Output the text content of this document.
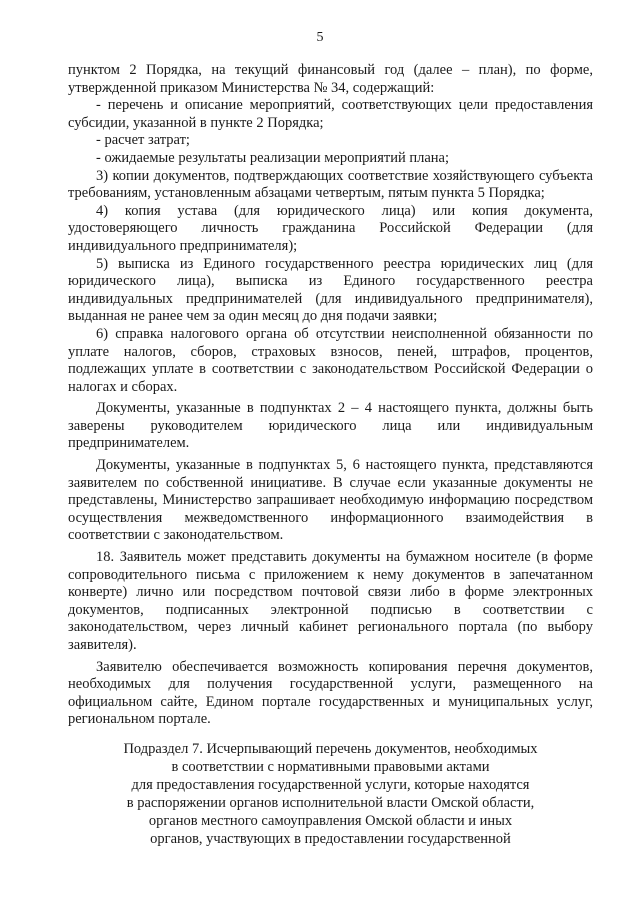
5

пунктом 2 Порядка, на текущий финансовый год (далее – план), по форме, утвержденной приказом Министерства № 34, содержащий:

- перечень и описание мероприятий, соответствующих цели предоставления субсидии, указанной в пункте 2 Порядка;

- расчет затрат;

- ожидаемые результаты реализации мероприятий плана;

3) копии документов, подтверждающих соответствие хозяйствующего субъекта требованиям, установленным абзацами четвертым, пятым пункта 5 Порядка;

4) копия устава (для юридического лица) или копия документа, удостоверяющего личность гражданина Российской Федерации (для индивидуального предпринимателя);

5) выписка из Единого государственного реестра юридических лиц (для юридического лица), выписка из Единого государственного реестра индивидуальных предпринимателей (для индивидуального предпринимателя), выданная не ранее чем за один месяц до дня подачи заявки;

6) справка налогового органа об отсутствии неисполненной обязанности по уплате налогов, сборов, страховых взносов, пеней, штрафов, процентов, подлежащих уплате в соответствии с законодательством Российской Федерации о налогах и сборах.

Документы, указанные в подпунктах 2 – 4 настоящего пункта, должны быть заверены руководителем юридического лица или индивидуальным предпринимателем.

Документы, указанные в подпунктах 5, 6 настоящего пункта, представляются заявителем по собственной инициативе. В случае если указанные документы не представлены, Министерство запрашивает необходимую информацию посредством осуществления межведомственного информационного взаимодействия в соответствии с законодательством.

18. Заявитель может представить документы на бумажном носителе (в форме сопроводительного письма с приложением к нему документов в запечатанном конверте) лично или посредством почтовой связи либо в форме электронных документов, подписанных электронной подписью в соответствии с законодательством, через личный кабинет регионального портала (по выбору заявителя).

Заявителю обеспечивается возможность копирования перечня документов, необходимых для получения государственной услуги, размещенного на официальном сайте, Едином портале государственных и муниципальных услуг, региональном портале.

Подраздел 7. Исчерпывающий перечень документов, необходимых
в соответствии с нормативными правовыми актами
для предоставления государственной услуги, которые находятся
в распоряжении органов исполнительной власти Омской области,
органов местного самоуправления Омской области и иных
органов, участвующих в предоставлении государственной
